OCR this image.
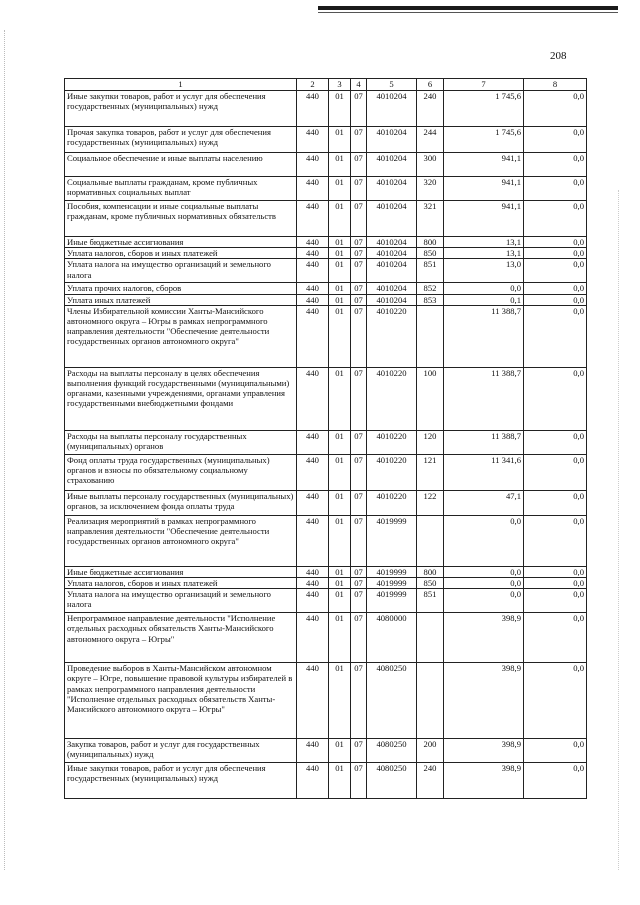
208
1	2	3	4	5	6	7	8
Иные закупки товаров, работ и услуг для обеспечения государственных (муниципальных) нужд	440	01	07	4010204	240	1 745,6	0,0
Прочая закупка товаров, работ и услуг для обеспечения государственных (муниципальных) нужд	440	01	07	4010204	244	1 745,6	0,0
Социальное обеспечение и иные выплаты населению	440	01	07	4010204	300	941,1	0,0
Социальные выплаты гражданам, кроме публичных нормативных социальных выплат	440	01	07	4010204	320	941,1	0,0
Пособия, компенсации и иные социальные выплаты гражданам, кроме публичных нормативных обязательств	440	01	07	4010204	321	941,1	0,0
Иные бюджетные ассигнования	440	01	07	4010204	800	13,1	0,0
Уплата налогов, сборов и иных платежей	440	01	07	4010204	850	13,1	0,0
Уплата налога на имущество организаций и земельного налога	440	01	07	4010204	851	13,0	0,0
Уплата прочих налогов, сборов	440	01	07	4010204	852	0,0	0,0
Уплата иных платежей	440	01	07	4010204	853	0,1	0,0
Члены Избирательной комиссии Ханты-Мансийского автономного округа – Югры в рамках непрограммного направления деятельности "Обеспечение деятельности государственных органов автономного округа"	440	01	07	4010220		11 388,7	0,0
Расходы на выплаты персоналу в целях обеспечения выполнения функций государственными (муниципальными) органами, казенными учреждениями, органами управления государственными внебюджетными фондами	440	01	07	4010220	100	11 388,7	0,0
Расходы на выплаты персоналу государственных (муниципальных) органов	440	01	07	4010220	120	11 388,7	0,0
Фонд оплаты труда государственных (муниципальных) органов и взносы по обязательному социальному страхованию	440	01	07	4010220	121	11 341,6	0,0
Иные выплаты персоналу государственных (муниципальных) органов, за исключением фонда оплаты труда	440	01	07	4010220	122	47,1	0,0
Реализация мероприятий в рамках непрограммного направления деятельности "Обеспечение деятельности государственных органов автономного округа"	440	01	07	4019999		0,0	0,0
Иные бюджетные ассигнования	440	01	07	4019999	800	0,0	0,0
Уплата налогов, сборов и иных платежей	440	01	07	4019999	850	0,0	0,0
Уплата налога на имущество организаций и земельного налога	440	01	07	4019999	851	0,0	0,0
Непрограммное направление деятельности "Исполнение отдельных расходных обязательств Ханты-Мансийского автономного округа – Югры"	440	01	07	4080000		398,9	0,0
Проведение выборов в Ханты-Мансийском автономном округе – Югре, повышение правовой культуры избирателей в рамках непрограммного направления деятельности "Исполнение отдельных расходных обязательств Ханты-Мансийского автономного округа – Югры"	440	01	07	4080250		398,9	0,0
Закупка товаров, работ и услуг для государственных (муниципальных) нужд	440	01	07	4080250	200	398,9	0,0
Иные закупки товаров, работ и услуг для обеспечения государственных (муниципальных) нужд	440	01	07	4080250	240	398,9	0,0
